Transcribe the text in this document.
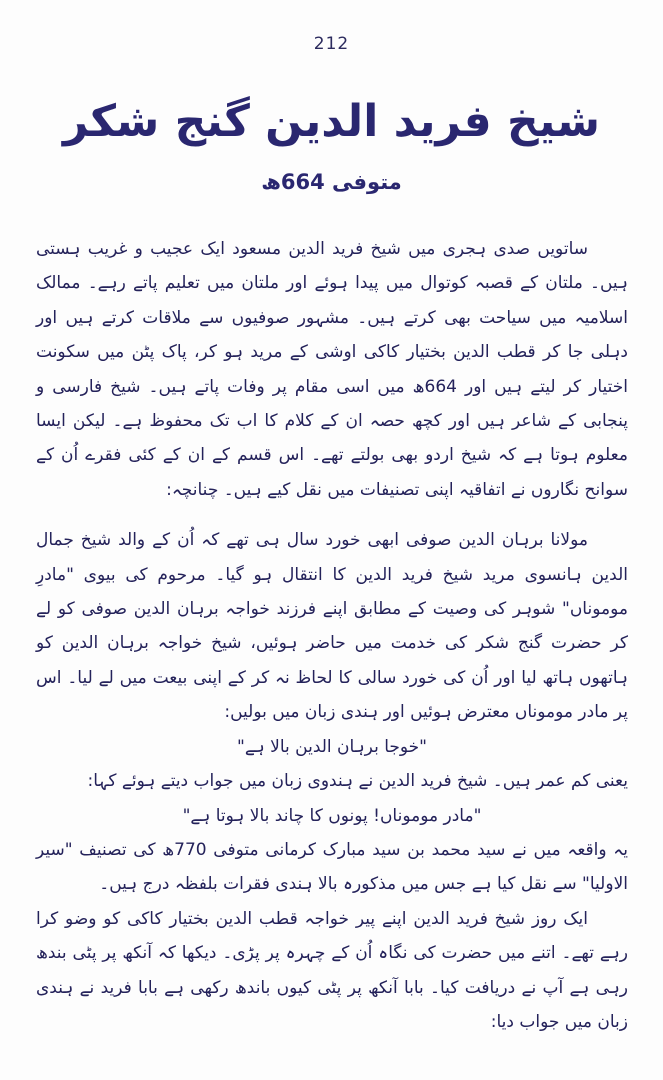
212
شیخ فرید الدین گنج شکر
متوفی 664ھ

ساتویں صدی ہجری میں شیخ فرید الدین مسعود ایک عجیب و غریب ہستی ہیں۔ ملتان کے قصبہ کوتوال میں پیدا ہوئے اور ملتان میں تعلیم پاتے رہے۔ ممالک اسلامیہ میں سیاحت بھی کرتے ہیں۔ مشہور صوفیوں سے ملاقات کرتے ہیں اور دہلی جا کر قطب الدین بختیار کاکی اوشی کے مرید ہو کر، پاک پٹن میں سکونت اختیار کر لیتے ہیں اور 664ھ میں اسی مقام پر وفات پاتے ہیں۔ شیخ فارسی و پنجابی کے شاعر ہیں اور کچھ حصہ ان کے کلام کا اب تک محفوظ ہے۔ لیکن ایسا معلوم ہوتا ہے کہ شیخ اردو بھی بولتے تھے۔ اس قسم کے ان کے کئی فقرے اُن کے سوانح نگاروں نے اتفاقیہ اپنی تصنیفات میں نقل کیے ہیں۔ چنانچہ:

مولانا برہان الدین صوفی ابھی خورد سال ہی تھے کہ اُن کے والد شیخ جمال الدین ہانسوی مرید شیخ فرید الدین کا انتقال ہو گیا۔ مرحوم کی بیوی "مادرِ موموناں" شوہر کی وصیت کے مطابق اپنے فرزند خواجہ برہان الدین صوفی کو لے کر حضرت گنج شکر کی خدمت میں حاضر ہوئیں، شیخ خواجہ برہان الدین کو ہاتھوں ہاتھ لیا اور اُن کی خورد سالی کا لحاظ نہ کر کے اپنی بیعت میں لے لیا۔ اس پر مادر موموناں معترض ہوئیں اور ہندی زبان میں بولیں:

"خوجا برہان الدین بالا ہے"

یعنی کم عمر ہیں۔ شیخ فرید الدین نے ہندوی زبان میں جواب دیتے ہوئے کہا:

"مادر موموناں! پونوں کا چاند بالا ہوتا ہے"

یہ واقعہ میں نے سید محمد بن سید مبارک کرمانی متوفی 770ھ کی تصنیف "سیر الاولیا" سے نقل کیا ہے جس میں مذکورہ بالا ہندی فقرات بلفظہ درج ہیں۔

ایک روز شیخ فرید الدین اپنے پیر خواجہ قطب الدین بختیار کاکی کو وضو کرا رہے تھے۔ اتنے میں حضرت کی نگاہ اُن کے چہرہ پر پڑی۔ دیکھا کہ آنکھ پر پٹی بندھ رہی ہے آپ نے دریافت کیا۔ بابا آنکھ پر پٹی کیوں باندھ رکھی ہے بابا فرید نے ہندی زبان میں جواب دیا:
